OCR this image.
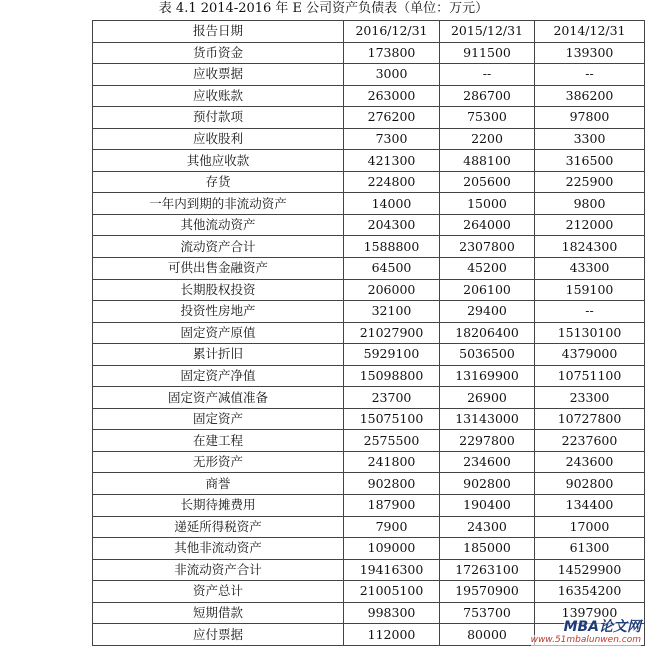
表 4.1 2014-2016 年 E 公司资产负债表（单位：万元）
报告日期	2016/12/31	2015/12/31	2014/12/31
货币资金	173800	911500	139300
应收票据	3000	--	--
应收账款	263000	286700	386200
预付款项	276200	75300	97800
应收股利	7300	2200	3300
其他应收款	421300	488100	316500
存货	224800	205600	225900
一年内到期的非流动资产	14000	15000	9800
其他流动资产	204300	264000	212000
流动资产合计	1588800	2307800	1824300
可供出售金融资产	64500	45200	43300
长期股权投资	206000	206100	159100
投资性房地产	32100	29400	--
固定资产原值	21027900	18206400	15130100
累计折旧	5929100	5036500	4379000
固定资产净值	15098800	13169900	10751100
固定资产减值准备	23700	26900	23300
固定资产	15075100	13143000	10727800
在建工程	2575500	2297800	2237600
无形资产	241800	234600	243600
商誉	902800	902800	902800
长期待摊费用	187900	190400	134400
递延所得税资产	7900	24300	17000
其他非流动资产	109000	185000	61300
非流动资产合计	19416300	17263100	14529900
资产总计	21005100	19570900	16354200
短期借款	998300	753700	1397900
应付票据	112000	80000		MBA论文网
www.51mbalunwen.com
